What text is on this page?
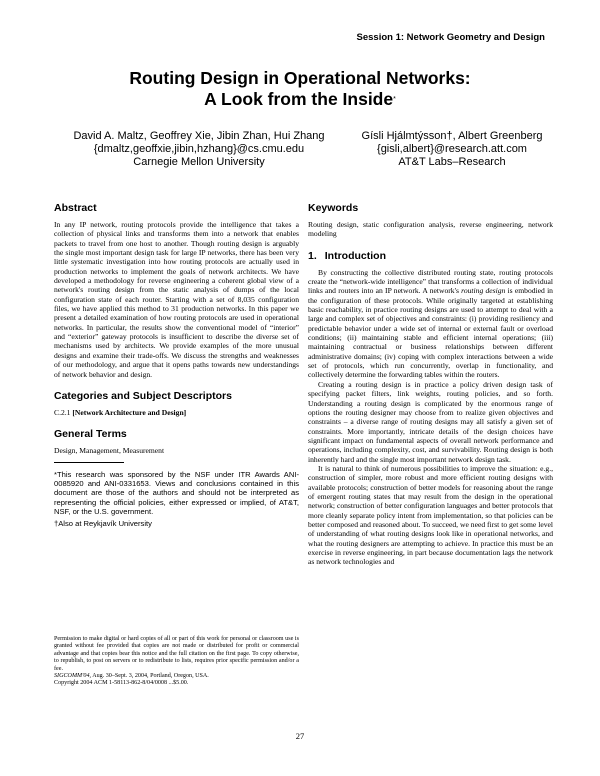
Session 1: Network Geometry and Design
Routing Design in Operational Networks:
A Look from the Inside*
David A. Maltz, Geoffrey Xie, Jibin Zhan, Hui Zhang
{dmaltz,geoffxie,jibin,hzhang}@cs.cmu.edu
Carnegie Mellon University
Gísli Hjálmtýsson†, Albert Greenberg
{gisli,albert}@research.att.com
AT&T Labs–Research
Abstract

In any IP network, routing protocols provide the intelligence that takes a collection of physical links and transforms them into a network that enables packets to travel from one host to another. Though routing design is arguably the single most important design task for large IP networks, there has been very little systematic investigation into how routing protocols are actually used in production networks to implement the goals of network architects. We have developed a methodology for reverse engineering a coherent global view of a network's routing design from the static analysis of dumps of the local configuration state of each router. Starting with a set of 8,035 configuration files, we have applied this method to 31 production networks. In this paper we present a detailed examination of how routing protocols are used in operational networks. In particular, the results show the conventional model of “interior” and “exterior” gateway protocols is insufficient to describe the diverse set of mechanisms used by architects. We provide examples of the more unusual designs and examine their trade-offs. We discuss the strengths and weaknesses of our methodology, and argue that it opens paths towards new understandings of network behavior and design.

Categories and Subject Descriptors

C.2.1 [Network Architecture and Design]

General Terms

Design, Management, Measurement

*This research was sponsored by the NSF under ITR Awards ANI-0085920 and ANI-0331653. Views and conclusions contained in this document are those of the authors and should not be interpreted as representing the official policies, either expressed or implied, of AT&T, NSF, or the U.S. government.
†Also at Reykjavík University
Permission to make digital or hard copies of all or part of this work for personal or classroom use is granted without fee provided that copies are not made or distributed for profit or commercial advantage and that copies bear this notice and the full citation on the first page. To copy otherwise, to republish, to post on servers or to redistribute to lists, requires prior specific permission and/or a fee.
SIGCOMM'04, Aug. 30–Sept. 3, 2004, Portland, Oregon, USA.
Copyright 2004 ACM 1-58113-862-8/04/0008 ...$5.00.
Keywords

Routing design, static configuration analysis, reverse engineering, network modeling

1. Introduction

By constructing the collective distributed routing state, routing protocols create the “network-wide intelligence” that transforms a collection of individual links and routers into an IP network. A network's routing design is embodied in the configuration of these protocols. While originally targeted at establishing basic reachability, in practice routing designs are used to attempt to deal with a large and complex set of objectives and constraints: (i) providing resiliency and predictable behavior under a wide set of internal or external fault or overload conditions; (ii) maintaining stable and efficient internal operations; (iii) maintaining contractual or business relationships between different administrative domains; (iv) coping with complex interactions between a wide set of protocols, which run concurrently, overlap in functionality, and collectively determine the forwarding tables within the routers.

Creating a routing design is in practice a policy driven design task of specifying packet filters, link weights, routing policies, and so forth. Understanding a routing design is complicated by the enormous range of options the routing designer may choose from to realize given objectives and constraints – a diverse range of routing designs may all satisfy a given set of constraints. More importantly, intricate details of the design choices have significant impact on fundamental aspects of overall network performance and operations, including complexity, cost, and survivability. Routing design is both inherently hard and the single most important network design task.

It is natural to think of numerous possibilities to improve the situation: e.g., construction of simpler, more robust and more efficient routing designs with available protocols; construction of better models for reasoning about the range of emergent routing states that may result from the design in the operational network; construction of better configuration languages and better protocols that more cleanly separate policy intent from implementation, so that policies can be better composed and reasoned about. To succeed, we need first to get some level of understanding of what routing designs look like in operational networks, and what the routing designers are attempting to achieve. In practice this must be an exercise in reverse engineering, in part because documentation lags the network as network technologies and

27
